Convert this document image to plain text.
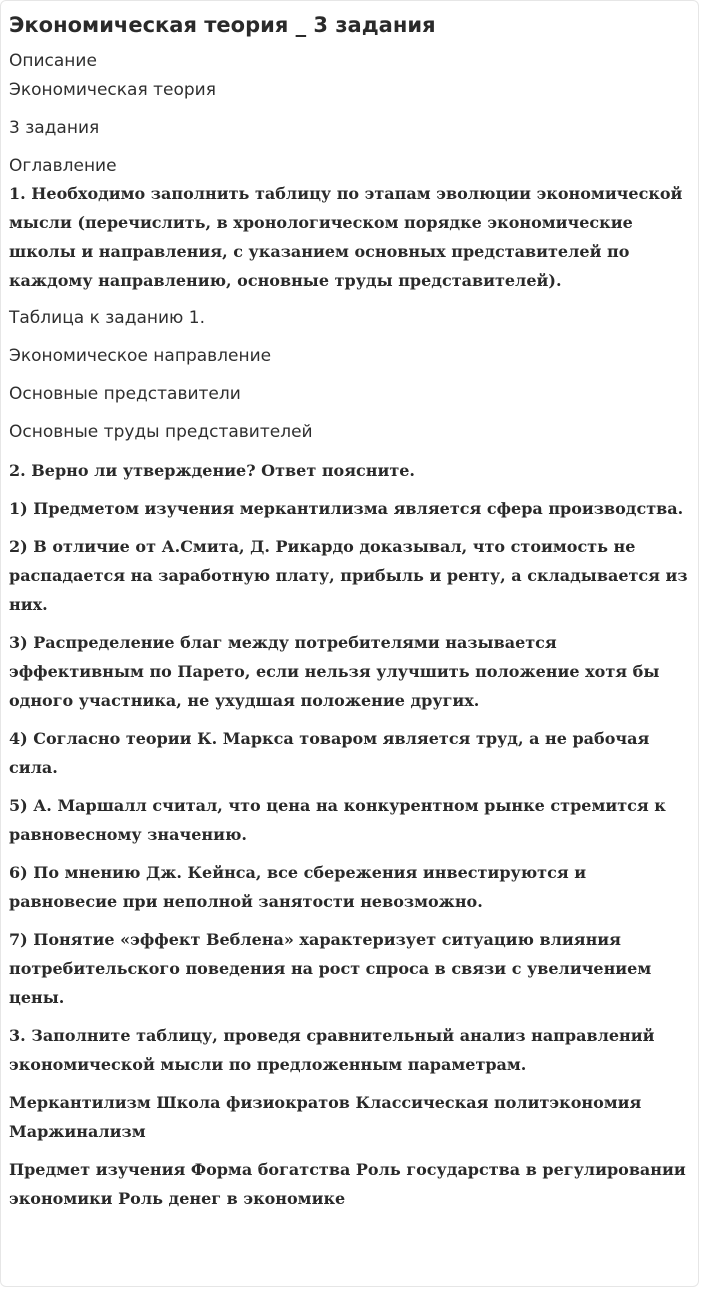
Экономическая теория _ 3 задания
Описание
Экономическая теория
3 задания
Оглавление
1. Необходимо заполнить таблицу по этапам эволюции экономической мысли (перечислить, в хронологическом порядке экономические школы и направления, с указанием основных представителей по каждому направлению, основные труды представителей).
Таблица к заданию 1.
Экономическое направление
Основные представители
Основные труды представителей
2. Верно ли утверждение? Ответ поясните.
1) Предметом изучения меркантилизма является сфера производства.
2) В отличие от А.Смита, Д. Рикардо доказывал, что стоимость не распадается на заработную плату, прибыль и ренту, а складывается из них.
3) Распределение благ между потребителями называется эффективным по Парето, если нельзя улучшить положение хотя бы одного участника, не ухудшая положение других.
4) Согласно теории К. Маркса товаром является труд, а не рабочая сила.
5) А. Маршалл считал, что цена на конкурентном рынке стремится к равновесному значению.
6) По мнению Дж. Кейнса, все сбережения инвестируются и равновесие при неполной занятости невозможно.
7) Понятие «эффект Веблена» характеризует ситуацию влияния потребительского поведения на рост спроса в связи с увеличением цены.
3. Заполните таблицу, проведя сравнительный анализ направлений экономической мысли по предложенным параметрам.
Меркантилизм Школа физиократов Классическая политэкономия Маржинализм
Предмет изучения Форма богатства Роль государства в регулировании экономики Роль денег в экономике
